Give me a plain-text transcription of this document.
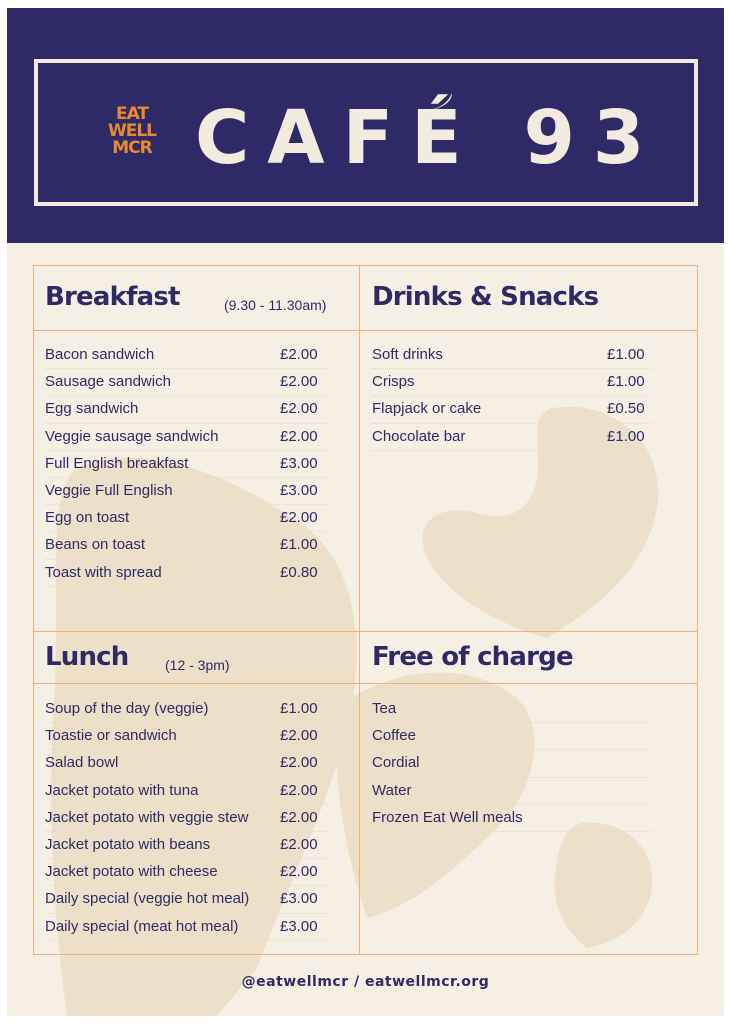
EAT
WELL
MCR CAFÉ 93
Breakfast	(9.30 - 11.30am)
Bacon sandwich	£2.00
Sausage sandwich	£2.00
Egg sandwich	£2.00
Veggie sausage sandwich	£2.00
Full English breakfast	£3.00
Veggie Full English	£3.00
Egg on toast	£2.00
Beans on toast	£1.00
Toast with spread	£0.80
Drinks & Snacks
Soft drinks	£1.00
Crisps	£1.00
Flapjack or cake	£0.50
Chocolate bar	£1.00
Lunch	(12 - 3pm)
Soup of the day (veggie)	£1.00
Toastie or sandwich	£2.00
Salad bowl	£2.00
Jacket potato with tuna	£2.00
Jacket potato with veggie stew £2.00
Jacket potato with beans	£2.00
Jacket potato with cheese	£2.00
Daily special (veggie hot meal) £3.00
Daily special (meat hot meal)	£3.00
Free of charge
Tea
Coffee
Cordial
Water
Frozen Eat Well meals
@eatwellmcr / eatwellmcr.org
